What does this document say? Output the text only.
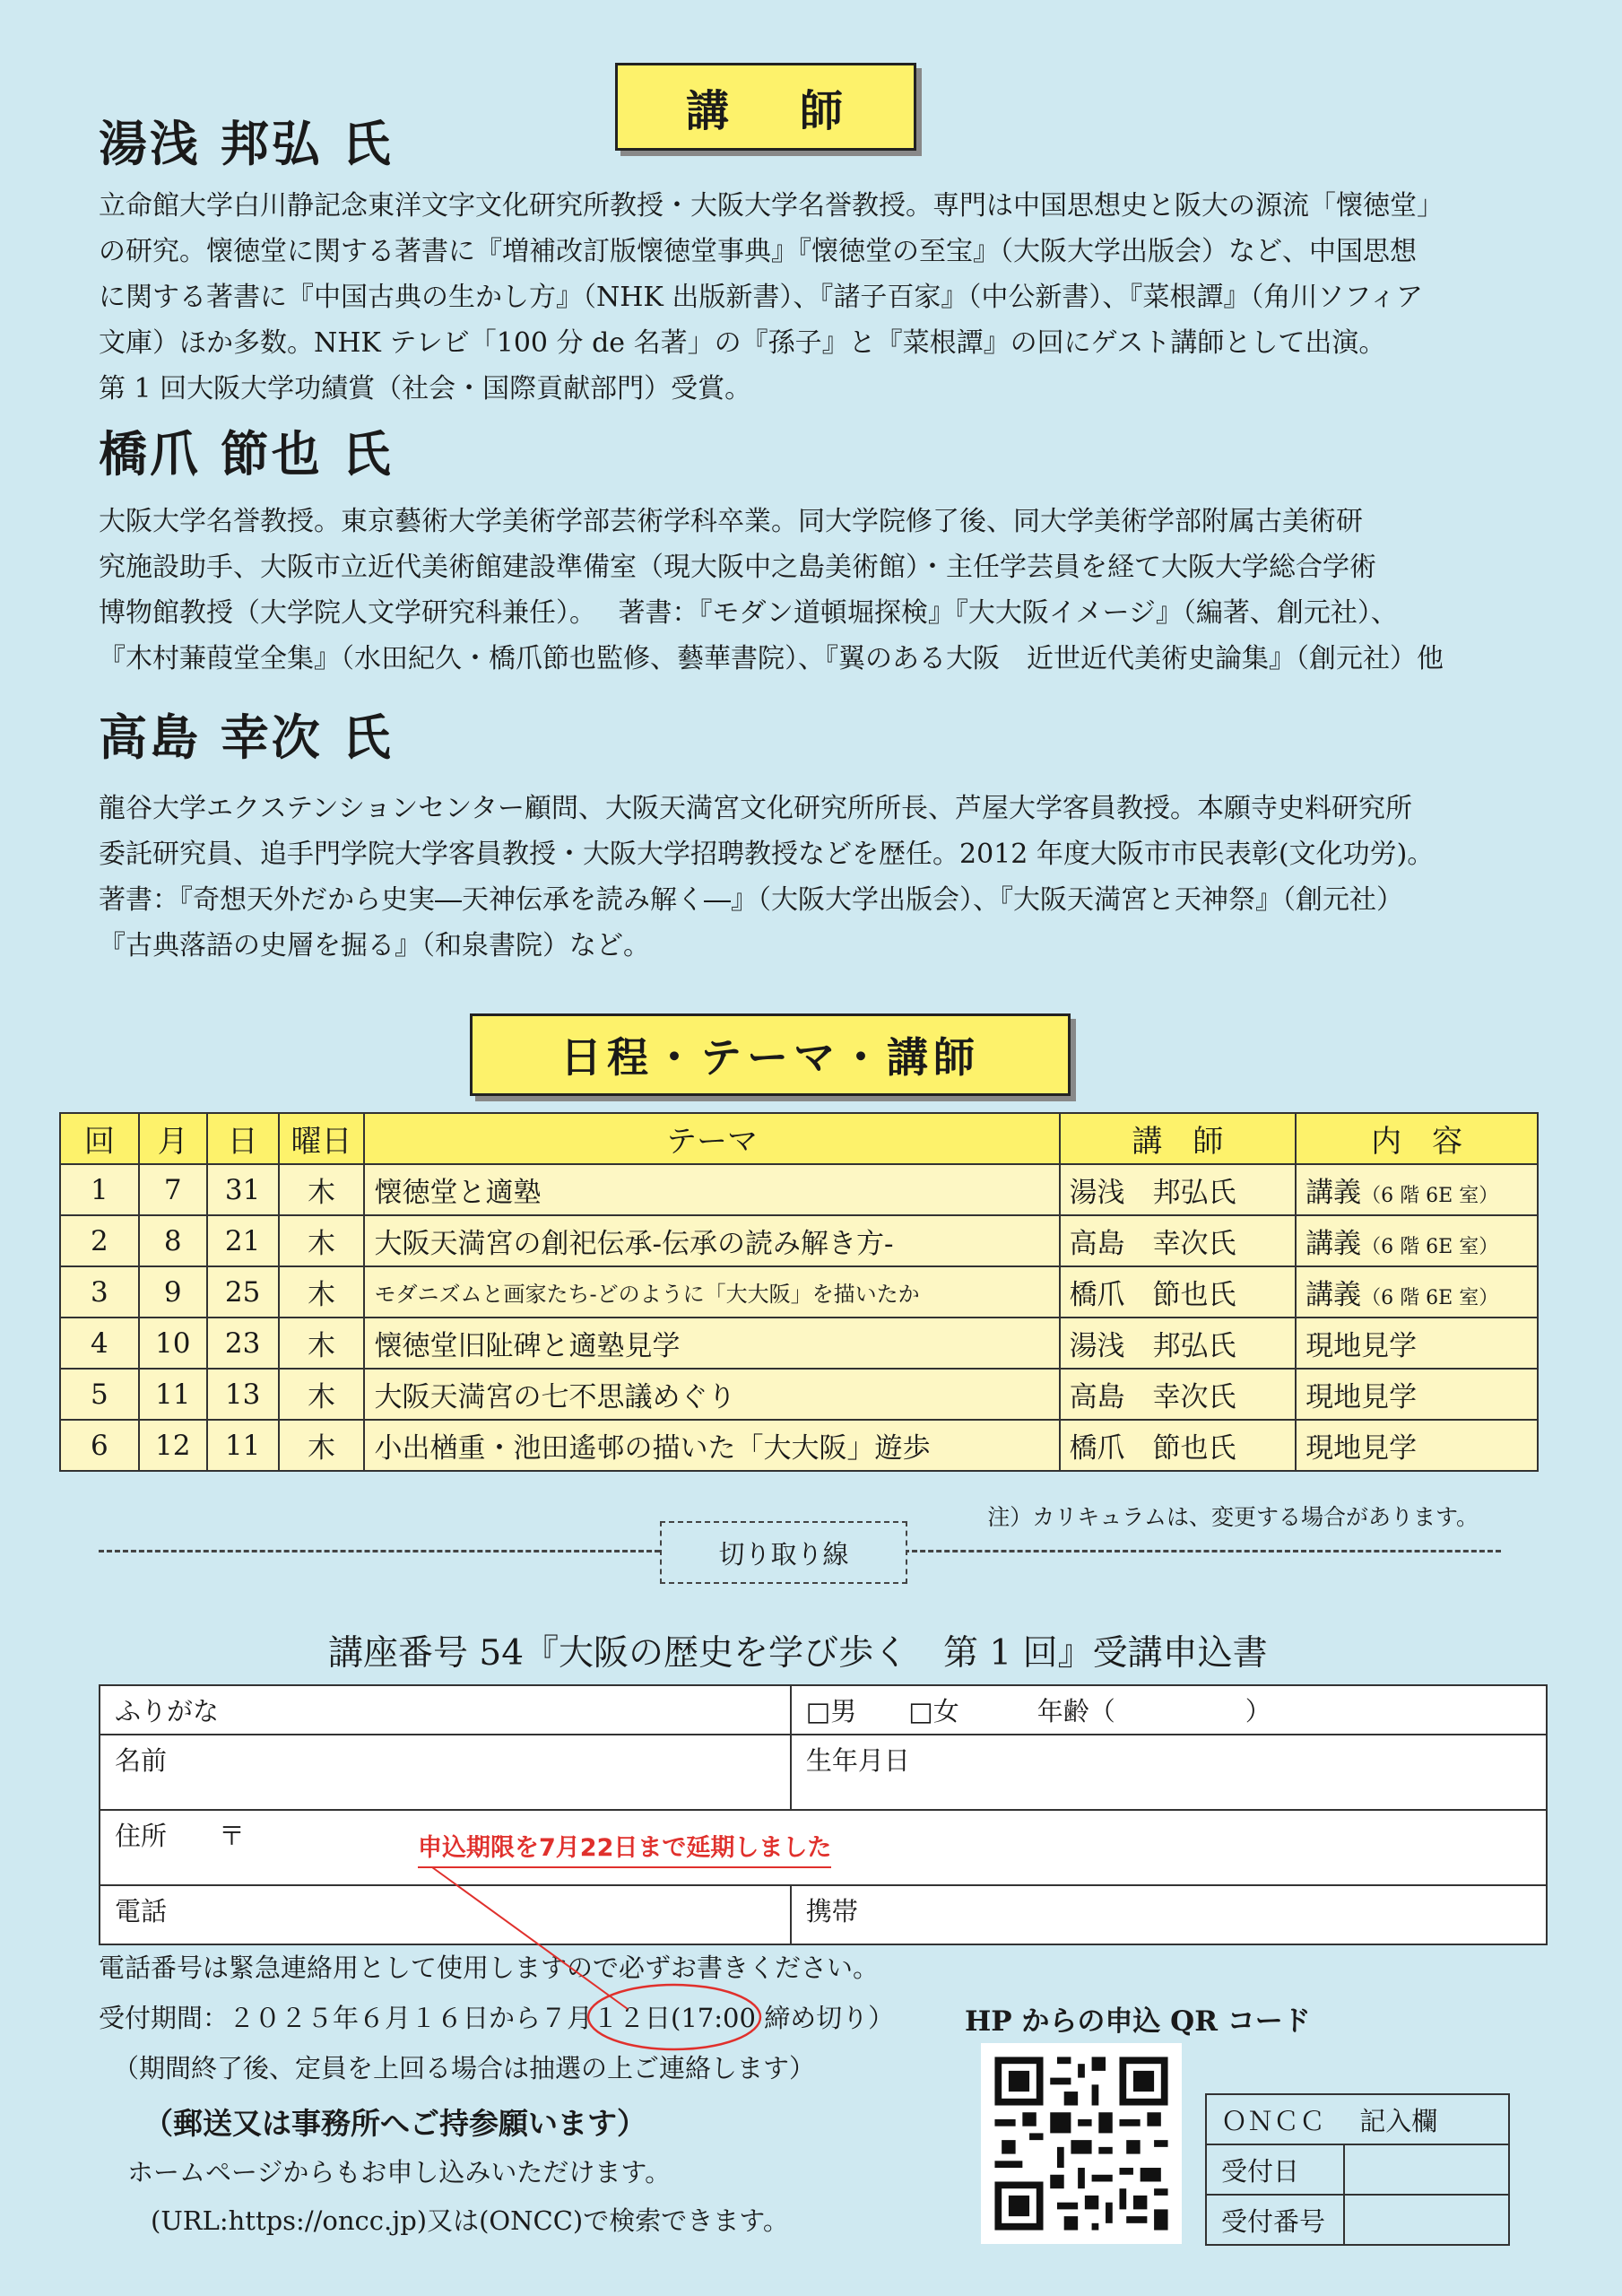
講 師
湯浅 邦弘 氏

立命館大学白川静記念東洋文字文化研究所教授・大阪大学名誉教授。専門は中国思想史と阪大の源流「懐徳堂」

の研究。懐徳堂に関する著書に『増補改訂版懐徳堂事典』『懐徳堂の至宝』（大阪大学出版会）など、中国思想

に関する著書に『中国古典の生かし方』（NHK 出版新書）、『諸子百家』（中公新書）、『菜根譚』（角川ソフィア

文庫）ほか多数。NHK テレビ「100 分 de 名著」の『孫子』と『菜根譚』の回にゲスト講師として出演。

第 1 回大阪大学功績賞（社会・国際貢献部門）受賞。

橋爪 節也 氏

大阪大学名誉教授。東京藝術大学美術学部芸術学科卒業。同大学院修了後、同大学美術学部附属古美術研

究施設助手、大阪市立近代美術館建設準備室（現大阪中之島美術館）・主任学芸員を経て大阪大学総合学術

博物館教授（大学院人文学研究科兼任）。　 著書：『モダン道頓堀探検』『大大阪イメージ』（編著、創元社）、

『木村蒹葭堂全集』（水田紀久・橋爪節也監修、藝華書院）、『翼のある大阪　近世近代美術史論集』（創元社）他

高島 幸次 氏

龍谷大学エクステンションセンター顧問、大阪天満宮文化研究所所長、芦屋大学客員教授。本願寺史料研究所

委託研究員、追手門学院大学客員教授・大阪大学招聘教授などを歴任。2012 年度大阪市市民表彰(文化功労)。

著書：『奇想天外だから史実―天神伝承を読み解く―』（大阪大学出版会）、『大阪天満宮と天神祭』（創元社）

『古典落語の史層を掘る』（和泉書院）など。

日程・テーマ・講師
回	月	日	曜日	テーマ	講　師	内　容
1	7	31	木	懐徳堂と適塾	湯浅　邦弘氏	講義（6 階 6E 室）
2	8	21	木	大阪天満宮の創祀伝承-伝承の読み解き方-	高島　幸次氏	講義（6 階 6E 室）
3	9	25	木	モダニズムと画家たち-どのように「大大阪」を描いたか	橋爪　節也氏	講義（6 階 6E 室）
4	10	23	木	懐徳堂旧阯碑と適塾見学	湯浅　邦弘氏	現地見学
5	11	13	木	大阪天満宮の七不思議めぐり	高島　幸次氏	現地見学
6	12	11	木	小出楢重・池田遙邨の描いた「大大阪」遊歩	橋爪　節也氏	現地見学
注）カリキュラムは、変更する場合があります。
切り取り線
講座番号 54『大阪の歴史を学び歩く　第 1 回』受講申込書
ふりがな	□男　　□女　　　年齢（　　　　　）
名前	生年月日
住所　　〒	
電話	携帯
申込期限を7月22日まで延期しました
電話番号は緊急連絡用として使用しますので必ずお書きください。
受付期間：２０２５年６月１６日から７月１２日(17:00 締め切り）
（期間終了後、定員を上回る場合は抽選の上ご連絡します）
（郵送又は事務所へご持参願います）
ホームページからもお申し込みいただけます。
(URL:https://oncc.jp)又は(ONCC)で検索できます。
HP からの申込 QR コード
ＯＮＣＣ　 記入欄	
受付日	
受付番号	
